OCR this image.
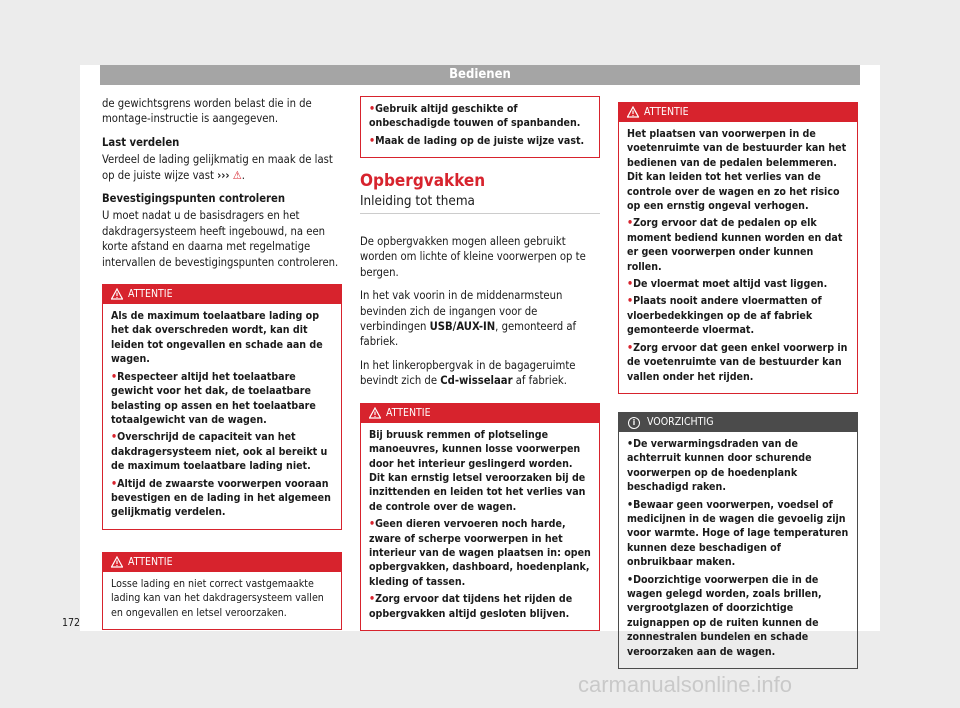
Bedienen

de gewichtsgrens worden belast die in de montage-instructie is aangegeven.

Last verdelen

Verdeel de lading gelijkmatig en maak de last op de juiste wijze vast ››› ⚠.

Bevestigingspunten controleren

U moet nadat u de basisdragers en het dakdragersysteem heeft ingebouwd, na een korte afstand en daarna met regelmatige intervallen de bevestigingspunten controleren.

ATTENTIE

Als de maximum toelaatbare lading op het dak overschreden wordt, kan dit leiden tot ongevallen en schade aan de wagen.

• Respecteer altijd het toelaatbare gewicht voor het dak, de toelaatbare belasting op assen en het toelaatbare totaalgewicht van de wagen.

• Overschrijd de capaciteit van het dakdragersysteem niet, ook al bereikt u de maximum toelaatbare lading niet.

• Altijd de zwaarste voorwerpen vooraan bevestigen en de lading in het algemeen gelijkmatig verdelen.

ATTENTIE

Losse lading en niet correct vastgemaakte lading kan van het dakdragersysteem vallen en ongevallen en letsel veroorzaken.

• Gebruik altijd geschikte of onbeschadigde touwen of spanbanden.

• Maak de lading op de juiste wijze vast.

Opbergvakken
Inleiding tot thema

De opbergvakken mogen alleen gebruikt worden om lichte of kleine voorwerpen op te bergen.

In het vak voorin in de middenarmsteun bevinden zich de ingangen voor de verbindingen USB/AUX-IN, gemonteerd af fabriek.

In het linkeropbergvak in de bagageruimte bevindt zich de Cd-wisselaar af fabriek.

ATTENTIE

Bij bruusk remmen of plotselinge manoeuvres, kunnen losse voorwerpen door het interieur geslingerd worden. Dit kan ernstig letsel veroorzaken bij de inzittenden en leiden tot het verlies van de controle over de wagen.

• Geen dieren vervoeren noch harde, zware of scherpe voorwerpen in het interieur van de wagen plaatsen in: open opbergvakken, dashboard, hoedenplank, kleding of tassen.

• Zorg ervoor dat tijdens het rijden de opbergvakken altijd gesloten blijven.

ATTENTIE

Het plaatsen van voorwerpen in de voetenruimte van de bestuurder kan het bedienen van de pedalen belemmeren. Dit kan leiden tot het verlies van de controle over de wagen en zo het risico op een ernstig ongeval verhogen.

• Zorg ervoor dat de pedalen op elk moment bediend kunnen worden en dat er geen voorwerpen onder kunnen rollen.

• De vloermat moet altijd vast liggen.

• Plaats nooit andere vloermatten of vloerbedekkingen op de af fabriek gemonteerde vloermat.

• Zorg ervoor dat geen enkel voorwerp in de voetenruimte van de bestuurder kan vallen onder het rijden.

i	VOORZICHTIG

• De verwarmingsdraden van de achterruit kunnen door schurende voorwerpen op de hoedenplank beschadigd raken.

• Bewaar geen voorwerpen, voedsel of medicijnen in de wagen die gevoelig zijn voor warmte. Hoge of lage temperaturen kunnen deze beschadigen of onbruikbaar maken.

• Doorzichtige voorwerpen die in de wagen gelegd worden, zoals brillen, vergrootglazen of doorzichtige zuignappen op de ruiten kunnen de zonnestralen bundelen en schade veroorzaken aan de wagen.

172
carmanualsonline.info
